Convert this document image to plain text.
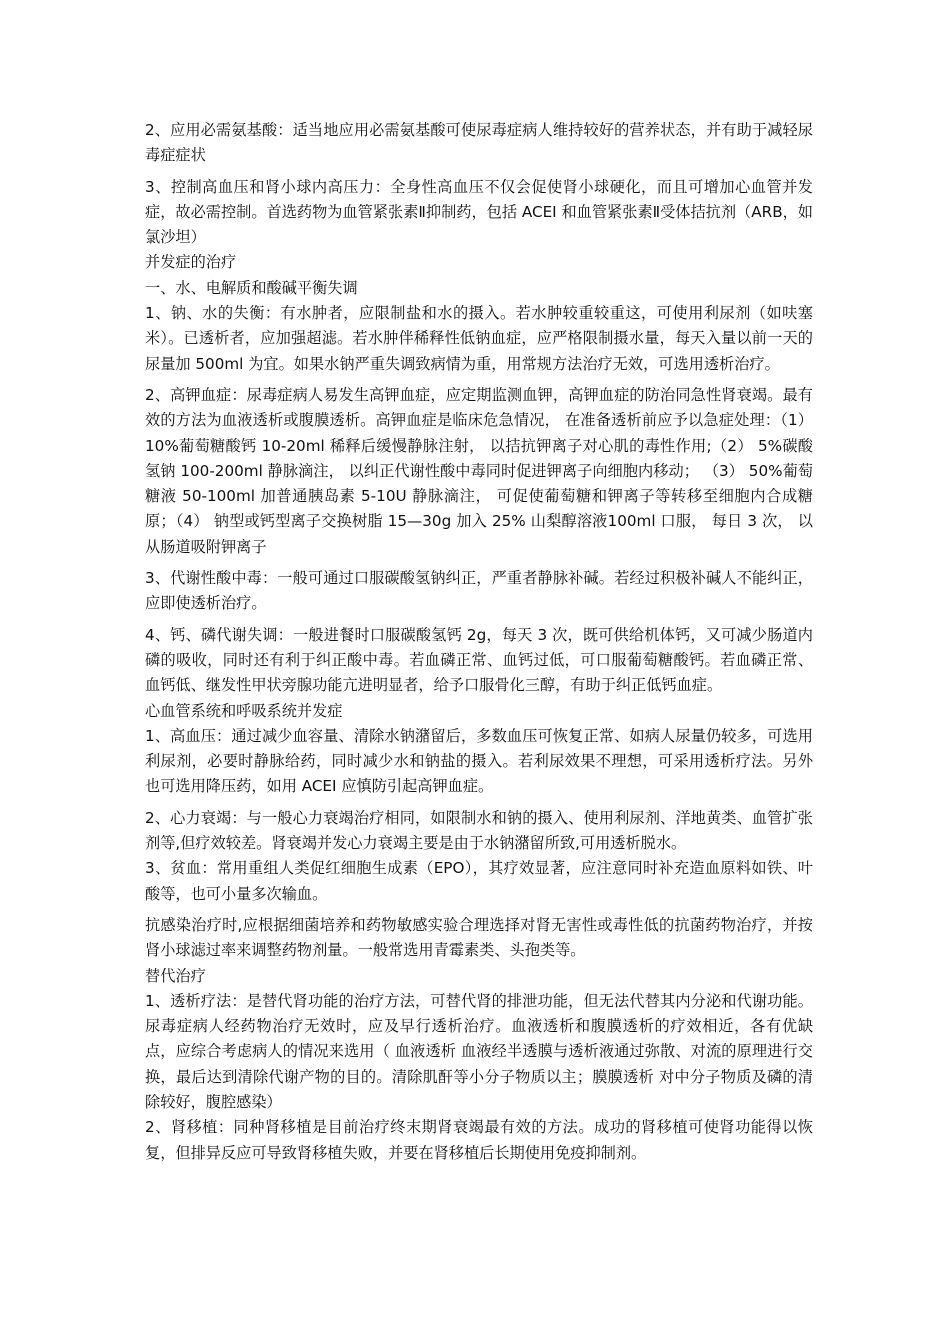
2、应用必需氨基酸：适当地应用必需氨基酸可使尿毒症病人维持较好的营养状态，并有助于减轻尿毒症症状

3、控制高血压和肾小球内高压力：全身性高血压不仅会促使肾小球硬化，而且可增加心血管并发症，故必需控制。首选药物为血管紧张素Ⅱ抑制药，包括 ACEI 和血管紧张素Ⅱ受体拮抗剂（ARB，如氯沙坦）

并发症的治疗

一、水、电解质和酸碱平衡失调

1、钠、水的失衡：有水肿者，应限制盐和水的摄入。若水肿较重较重这，可使用利尿剂（如呋塞米）。已透析者，应加强超滤。若水肿伴稀释性低钠血症，应严格限制摄水量，每天入量以前一天的尿量加 500ml 为宜。如果水钠严重失调致病情为重，用常规方法治疗无效，可选用透析治疗。

2、高钾血症：尿毒症病人易发生高钾血症，应定期监测血钾，高钾血症的防治同急性肾衰竭。最有效的方法为血液透析或腹膜透析。高钾血症是临床危急情况， 在准备透析前应予以急症处理：（1） 10%葡萄糖酸钙 10-20ml 稀释后缓慢静脉注射， 以拮抗钾离子对心肌的毒性作用;（2） 5%碳酸氢钠 100-200ml 静脉滴注， 以纠正代谢性酸中毒同时促进钾离子向细胞内移动； （3） 50%葡萄糖液 50-100ml 加普通胰岛素 5-10U 静脉滴注， 可促使葡萄糖和钾离子等转移至细胞内合成糖原；（4） 钠型或钙型离子交换树脂 15—30g 加入 25% 山梨醇溶液100ml 口服， 每日 3 次， 以从肠道吸附钾离子

3、代谢性酸中毒：一般可通过口服碳酸氢钠纠正，严重者静脉补碱。若经过积极补碱人不能纠正，应即使透析治疗。

4、钙、磷代谢失调：一般进餐时口服碳酸氢钙 2g，每天 3 次，既可供给机体钙，又可减少肠道内磷的吸收，同时还有利于纠正酸中毒。若血磷正常、血钙过低，可口服葡萄糖酸钙。若血磷正常、血钙低、继发性甲状旁腺功能亢进明显者，给予口服骨化三醇，有助于纠正低钙血症。

心血管系统和呼吸系统并发症

1、高血压：通过减少血容量、清除水钠潴留后，多数血压可恢复正常、如病人尿量仍较多，可选用利尿剂，必要时静脉给药，同时减少水和钠盐的摄入。若利尿效果不理想，可采用透析疗法。另外也可选用降压药，如用 ACEI 应慎防引起高钾血症。

2、心力衰竭：与一般心力衰竭治疗相同，如限制水和钠的摄入、使用利尿剂、洋地黄类、血管扩张剂等,但疗效较差。肾衰竭并发心力衰竭主要是由于水钠潴留所致,可用透析脱水。

3、贫血：常用重组人类促红细胞生成素（EPO），其疗效显著，应注意同时补充造血原料如铁、叶酸等，也可小量多次输血。

抗感染治疗时,应根据细菌培养和药物敏感实验合理选择对肾无害性或毒性低的抗菌药物治疗，并按肾小球滤过率来调整药物剂量。一般常选用青霉素类、头孢类等。

替代治疗

1、透析疗法：是替代肾功能的治疗方法，可替代肾的排泄功能，但无法代替其内分泌和代谢功能。尿毒症病人经药物治疗无效时，应及早行透析治疗。血液透析和腹膜透析的疗效相近，各有优缺点，应综合考虑病人的情况来选用（ 血液透析 血液经半透膜与透析液通过弥散、对流的原理进行交换，最后达到清除代谢产物的目的。清除肌酐等小分子物质以主；膜膜透析 对中分子物质及磷的清除较好，腹腔感染）

2、肾移植：同种肾移植是目前治疗终末期肾衰竭最有效的方法。成功的肾移植可使肾功能得以恢复，但排异反应可导致肾移植失败，并要在肾移植后长期使用免疫抑制剂。
